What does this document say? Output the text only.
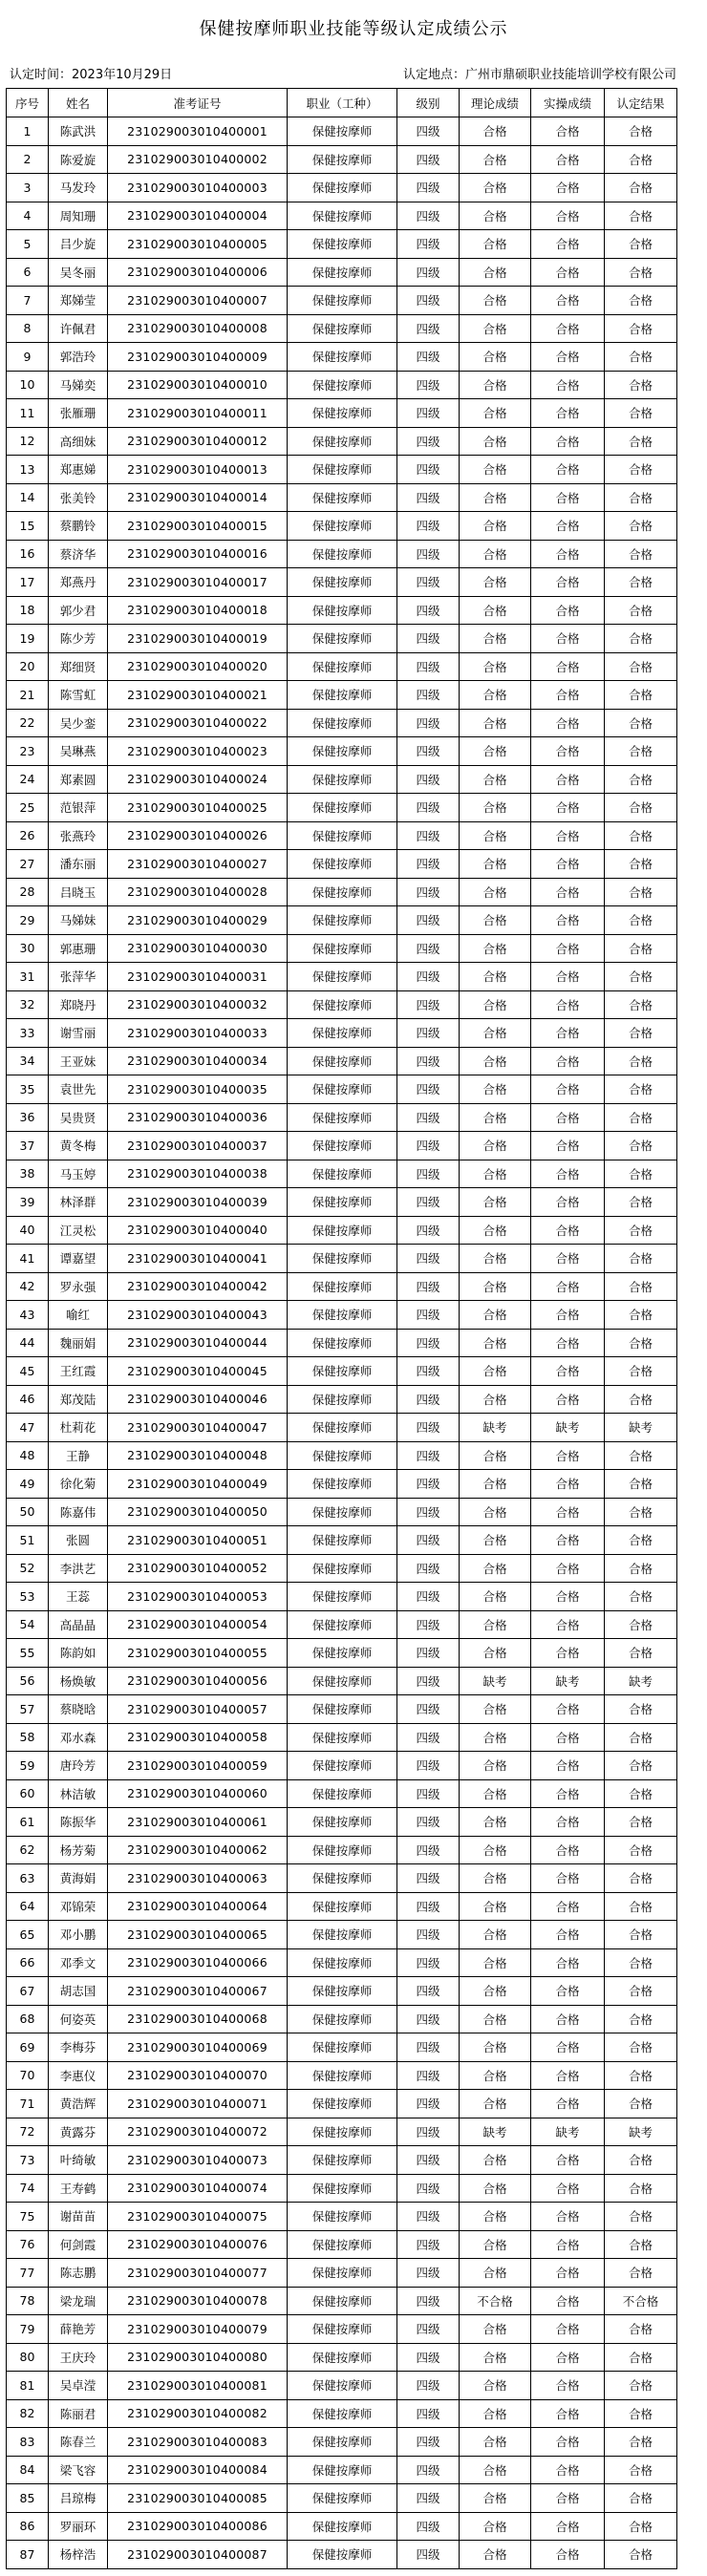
保健按摩师职业技能等级认定成绩公示
认定时间：2023年10月29日	认定地点：广州市鼎硕职业技能培训学校有限公司
序号	姓名	准考证号	职业（工种）	级别	理论成绩	实操成绩	认定结果
1	陈武洪	231029003010400001	保健按摩师	四级	合格	合格	合格
2	陈爱旋	231029003010400002	保健按摩师	四级	合格	合格	合格
3	马发玲	231029003010400003	保健按摩师	四级	合格	合格	合格
4	周知珊	231029003010400004	保健按摩师	四级	合格	合格	合格
5	吕少旋	231029003010400005	保健按摩师	四级	合格	合格	合格
6	吴冬丽	231029003010400006	保健按摩师	四级	合格	合格	合格
7	郑娣莹	231029003010400007	保健按摩师	四级	合格	合格	合格
8	许佩君	231029003010400008	保健按摩师	四级	合格	合格	合格
9	郭浩玲	231029003010400009	保健按摩师	四级	合格	合格	合格
10	马娣奕	231029003010400010	保健按摩师	四级	合格	合格	合格
11	张雁珊	231029003010400011	保健按摩师	四级	合格	合格	合格
12	高细妹	231029003010400012	保健按摩师	四级	合格	合格	合格
13	郑惠娣	231029003010400013	保健按摩师	四级	合格	合格	合格
14	张美铃	231029003010400014	保健按摩师	四级	合格	合格	合格
15	蔡鹏铃	231029003010400015	保健按摩师	四级	合格	合格	合格
16	蔡济华	231029003010400016	保健按摩师	四级	合格	合格	合格
17	郑燕丹	231029003010400017	保健按摩师	四级	合格	合格	合格
18	郭少君	231029003010400018	保健按摩师	四级	合格	合格	合格
19	陈少芳	231029003010400019	保健按摩师	四级	合格	合格	合格
20	郑细贤	231029003010400020	保健按摩师	四级	合格	合格	合格
21	陈雪虹	231029003010400021	保健按摩师	四级	合格	合格	合格
22	吴少銮	231029003010400022	保健按摩师	四级	合格	合格	合格
23	吴琳燕	231029003010400023	保健按摩师	四级	合格	合格	合格
24	郑素圆	231029003010400024	保健按摩师	四级	合格	合格	合格
25	范银萍	231029003010400025	保健按摩师	四级	合格	合格	合格
26	张燕玲	231029003010400026	保健按摩师	四级	合格	合格	合格
27	潘东丽	231029003010400027	保健按摩师	四级	合格	合格	合格
28	吕晓玉	231029003010400028	保健按摩师	四级	合格	合格	合格
29	马娣妹	231029003010400029	保健按摩师	四级	合格	合格	合格
30	郭惠珊	231029003010400030	保健按摩师	四级	合格	合格	合格
31	张萍华	231029003010400031	保健按摩师	四级	合格	合格	合格
32	郑晓丹	231029003010400032	保健按摩师	四级	合格	合格	合格
33	谢雪丽	231029003010400033	保健按摩师	四级	合格	合格	合格
34	王亚妹	231029003010400034	保健按摩师	四级	合格	合格	合格
35	袁世先	231029003010400035	保健按摩师	四级	合格	合格	合格
36	吴贵贤	231029003010400036	保健按摩师	四级	合格	合格	合格
37	黄冬梅	231029003010400037	保健按摩师	四级	合格	合格	合格
38	马玉婷	231029003010400038	保健按摩师	四级	合格	合格	合格
39	林泽群	231029003010400039	保健按摩师	四级	合格	合格	合格
40	江灵松	231029003010400040	保健按摩师	四级	合格	合格	合格
41	谭嘉望	231029003010400041	保健按摩师	四级	合格	合格	合格
42	罗永强	231029003010400042	保健按摩师	四级	合格	合格	合格
43	喻红	231029003010400043	保健按摩师	四级	合格	合格	合格
44	魏丽娟	231029003010400044	保健按摩师	四级	合格	合格	合格
45	王红霞	231029003010400045	保健按摩师	四级	合格	合格	合格
46	郑茂陆	231029003010400046	保健按摩师	四级	合格	合格	合格
47	杜莉花	231029003010400047	保健按摩师	四级	缺考	缺考	缺考
48	王静	231029003010400048	保健按摩师	四级	合格	合格	合格
49	徐化菊	231029003010400049	保健按摩师	四级	合格	合格	合格
50	陈嘉伟	231029003010400050	保健按摩师	四级	合格	合格	合格
51	张圆	231029003010400051	保健按摩师	四级	合格	合格	合格
52	李洪艺	231029003010400052	保健按摩师	四级	合格	合格	合格
53	王蕊	231029003010400053	保健按摩师	四级	合格	合格	合格
54	高晶晶	231029003010400054	保健按摩师	四级	合格	合格	合格
55	陈韵如	231029003010400055	保健按摩师	四级	合格	合格	合格
56	杨焕敏	231029003010400056	保健按摩师	四级	缺考	缺考	缺考
57	蔡晓晗	231029003010400057	保健按摩师	四级	合格	合格	合格
58	邓水森	231029003010400058	保健按摩师	四级	合格	合格	合格
59	唐玲芳	231029003010400059	保健按摩师	四级	合格	合格	合格
60	林洁敏	231029003010400060	保健按摩师	四级	合格	合格	合格
61	陈振华	231029003010400061	保健按摩师	四级	合格	合格	合格
62	杨芳菊	231029003010400062	保健按摩师	四级	合格	合格	合格
63	黄海娟	231029003010400063	保健按摩师	四级	合格	合格	合格
64	邓锦荣	231029003010400064	保健按摩师	四级	合格	合格	合格
65	邓小鹏	231029003010400065	保健按摩师	四级	合格	合格	合格
66	邓季文	231029003010400066	保健按摩师	四级	合格	合格	合格
67	胡志国	231029003010400067	保健按摩师	四级	合格	合格	合格
68	何姿英	231029003010400068	保健按摩师	四级	合格	合格	合格
69	李梅芬	231029003010400069	保健按摩师	四级	合格	合格	合格
70	李惠仪	231029003010400070	保健按摩师	四级	合格	合格	合格
71	黄浩辉	231029003010400071	保健按摩师	四级	合格	合格	合格
72	黄露芬	231029003010400072	保健按摩师	四级	缺考	缺考	缺考
73	叶绮敏	231029003010400073	保健按摩师	四级	合格	合格	合格
74	王寿鹤	231029003010400074	保健按摩师	四级	合格	合格	合格
75	谢苗苗	231029003010400075	保健按摩师	四级	合格	合格	合格
76	何剑霞	231029003010400076	保健按摩师	四级	合格	合格	合格
77	陈志鹏	231029003010400077	保健按摩师	四级	合格	合格	合格
78	梁龙瑞	231029003010400078	保健按摩师	四级	不合格	合格	不合格
79	薛艳芳	231029003010400079	保健按摩师	四级	合格	合格	合格
80	王庆玲	231029003010400080	保健按摩师	四级	合格	合格	合格
81	吴卓滢	231029003010400081	保健按摩师	四级	合格	合格	合格
82	陈丽君	231029003010400082	保健按摩师	四级	合格	合格	合格
83	陈春兰	231029003010400083	保健按摩师	四级	合格	合格	合格
84	梁飞容	231029003010400084	保健按摩师	四级	合格	合格	合格
85	吕琼梅	231029003010400085	保健按摩师	四级	合格	合格	合格
86	罗丽环	231029003010400086	保健按摩师	四级	合格	合格	合格
87	杨梓浩	231029003010400087	保健按摩师	四级	合格	合格	合格
